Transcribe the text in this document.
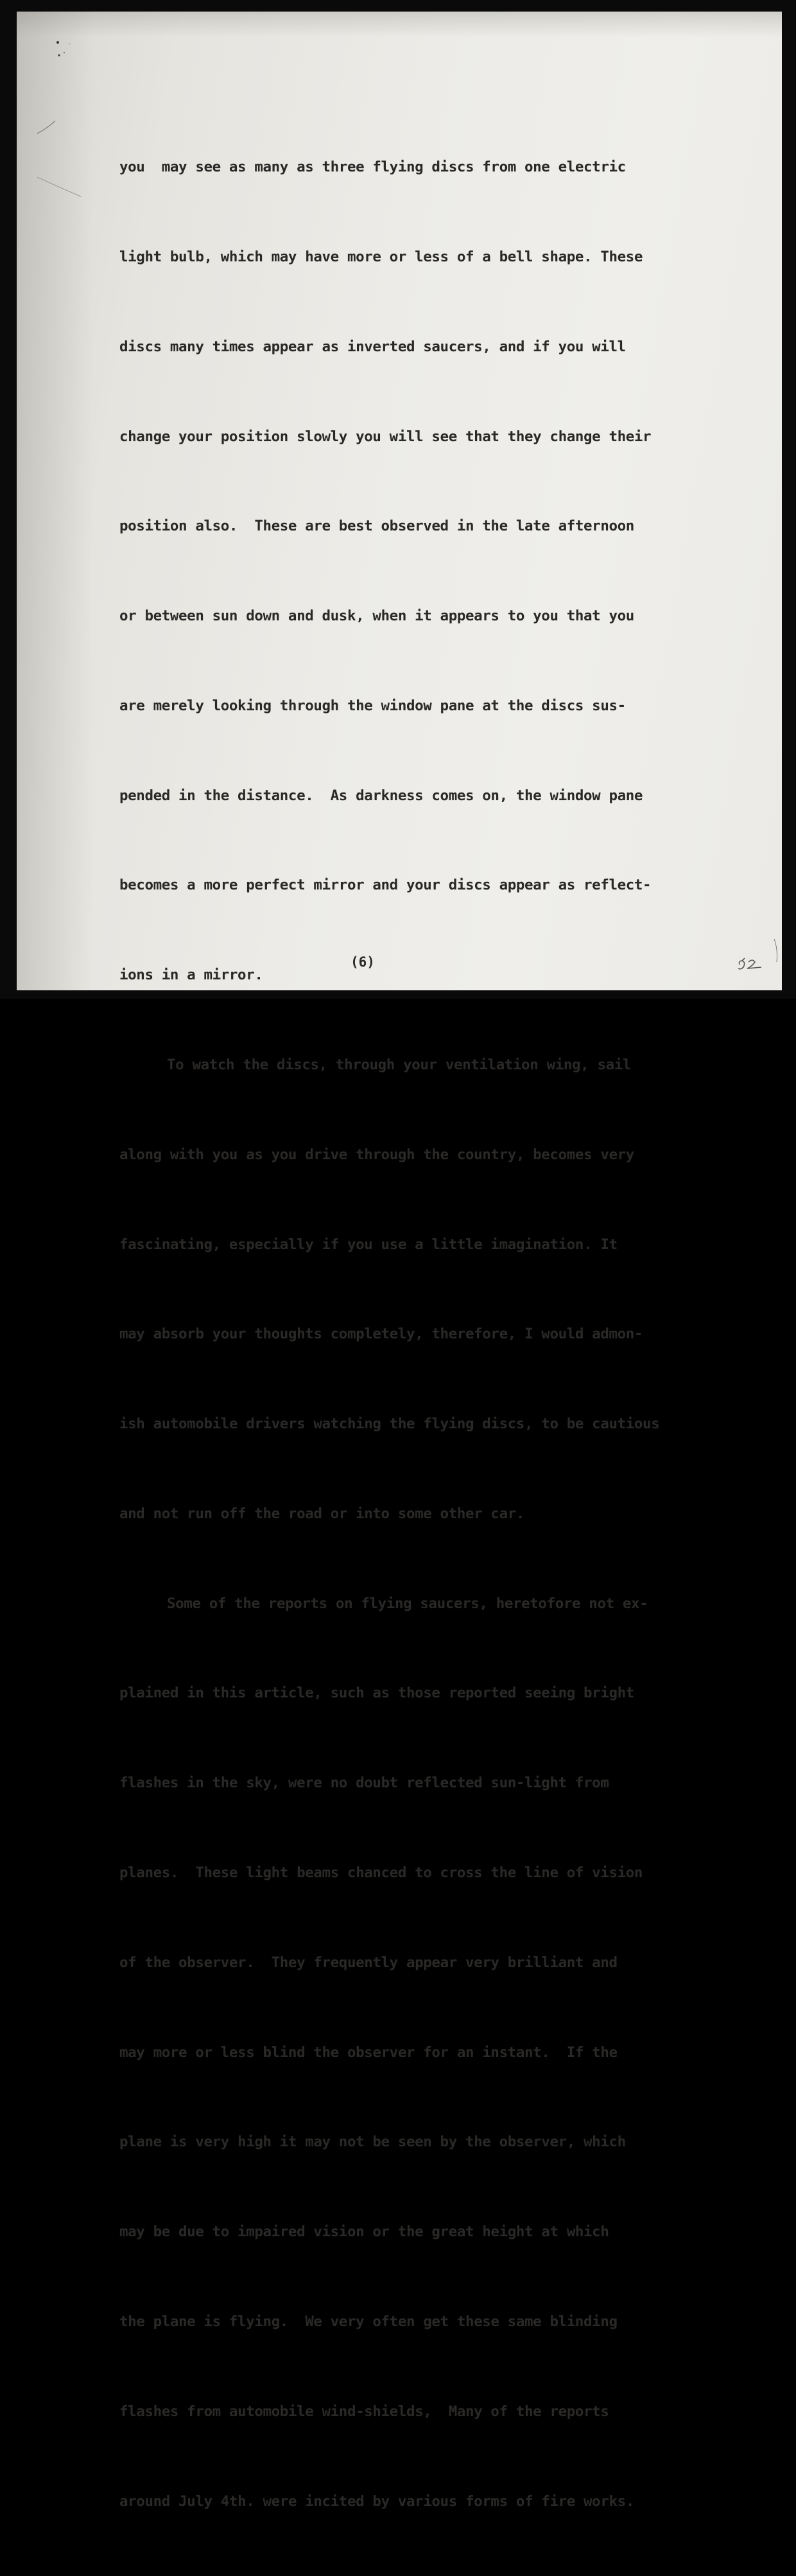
you  may see as many as three flying discs from one electric

light bulb, which may have more or less of a bell shape. These

discs many times appear as inverted saucers, and if you will

change your position slowly you will see that they change their

position also.  These are best observed in the late afternoon

or between sun down and dusk, when it appears to you that you

are merely looking through the window pane at the discs sus-

pended in the distance.  As darkness comes on, the window pane

becomes a more perfect mirror and your discs appear as reflect-

ions in a mirror.

To watch the discs, through your ventilation wing, sail

along with you as you drive through the country, becomes very

fascinating, especially if you use a little imagination. It

may absorb your thoughts completely, therefore, I would admon-

ish automobile drivers watching the flying discs, to be cautious

and not run off the road or into some other car.

Some of the reports on flying saucers, heretofore not ex-

plained in this article, such as those reported seeing bright

flashes in the sky, were no doubt reflected sun-light from

planes.  These light beams chanced to cross the line of vision

of the observer.  They frequently appear very brilliant and

may more or less blind the observer for an instant.  If the

plane is very high it may not be seen by the observer, which

may be due to impaired vision or the great height at which

the plane is flying.  We very often get these same blinding

flashes from automobile wind-shields,  Many of the reports

around July 4th. were incited by various forms of fire works.

(6)
